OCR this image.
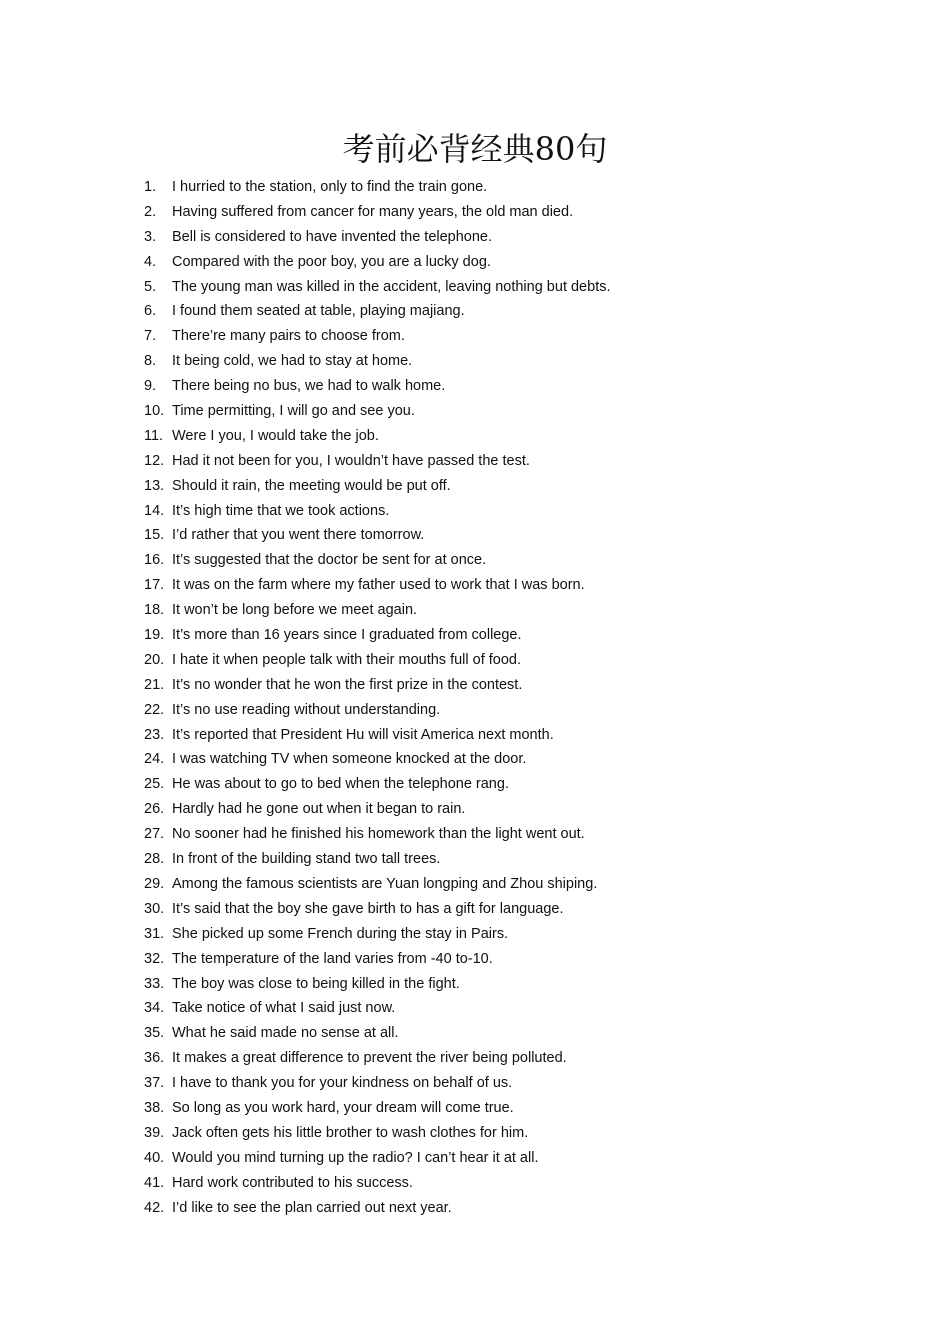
考前必背经典80句
1.	I hurried to the station, only to find the train gone.
2.	Having suffered from cancer for many years, the old man died.
3.	Bell is considered to have invented the telephone.
4.	Compared with the poor boy, you are a lucky dog.
5.	The young man was killed in the accident, leaving nothing but debts.
6.	I found them seated at table, playing majiang.
7.	There’re many pairs to choose from.
8.	It being cold, we had to stay at home.
9.	There being no bus, we had to walk home.
10. Time permitting, I will go and see you.
11. Were I you, I would take the job.
12. Had it not been for you, I wouldn’t have passed the test.
13. Should it rain, the meeting would be put off.
14. It’s high time that we took actions.
15. I’d rather that you went there tomorrow.
16. It’s suggested that the doctor be sent for at once.
17. It was on the farm where my father used to work that I was born.
18. It won’t be long before we meet again.
19. It’s more than 16 years since I graduated from college.
20. I hate it when people talk with their mouths full of food.
21. It’s no wonder that he won the first prize in the contest.
22. It’s no use reading without understanding.
23. It’s reported that President Hu will visit America next month.
24. I was watching TV when someone knocked at the door.
25. He was about to go to bed when the telephone rang.
26. Hardly had he gone out when it began to rain.
27. No sooner had he finished his homework than the light went out.
28. In front of the building stand two tall trees.
29. Among the famous scientists are Yuan longping and Zhou shiping.
30. It’s said that the boy she gave birth to has a gift for language.
31. She picked up some French during the stay in Pairs.
32. The temperature of the land varies from -40 to-10.
33. The boy was close to being killed in the fight.
34. Take notice of what I said just now.
35. What he said made no sense at all.
36. It makes a great difference to prevent the river being polluted.
37. I have to thank you for your kindness on behalf of us.
38. So long as you work hard, your dream will come true.
39. Jack often gets his little brother to wash clothes for him.
40. Would you mind turning up the radio? I can’t hear it at all.
41. Hard work contributed to his success.
42. I’d like to see the plan carried out next year.
